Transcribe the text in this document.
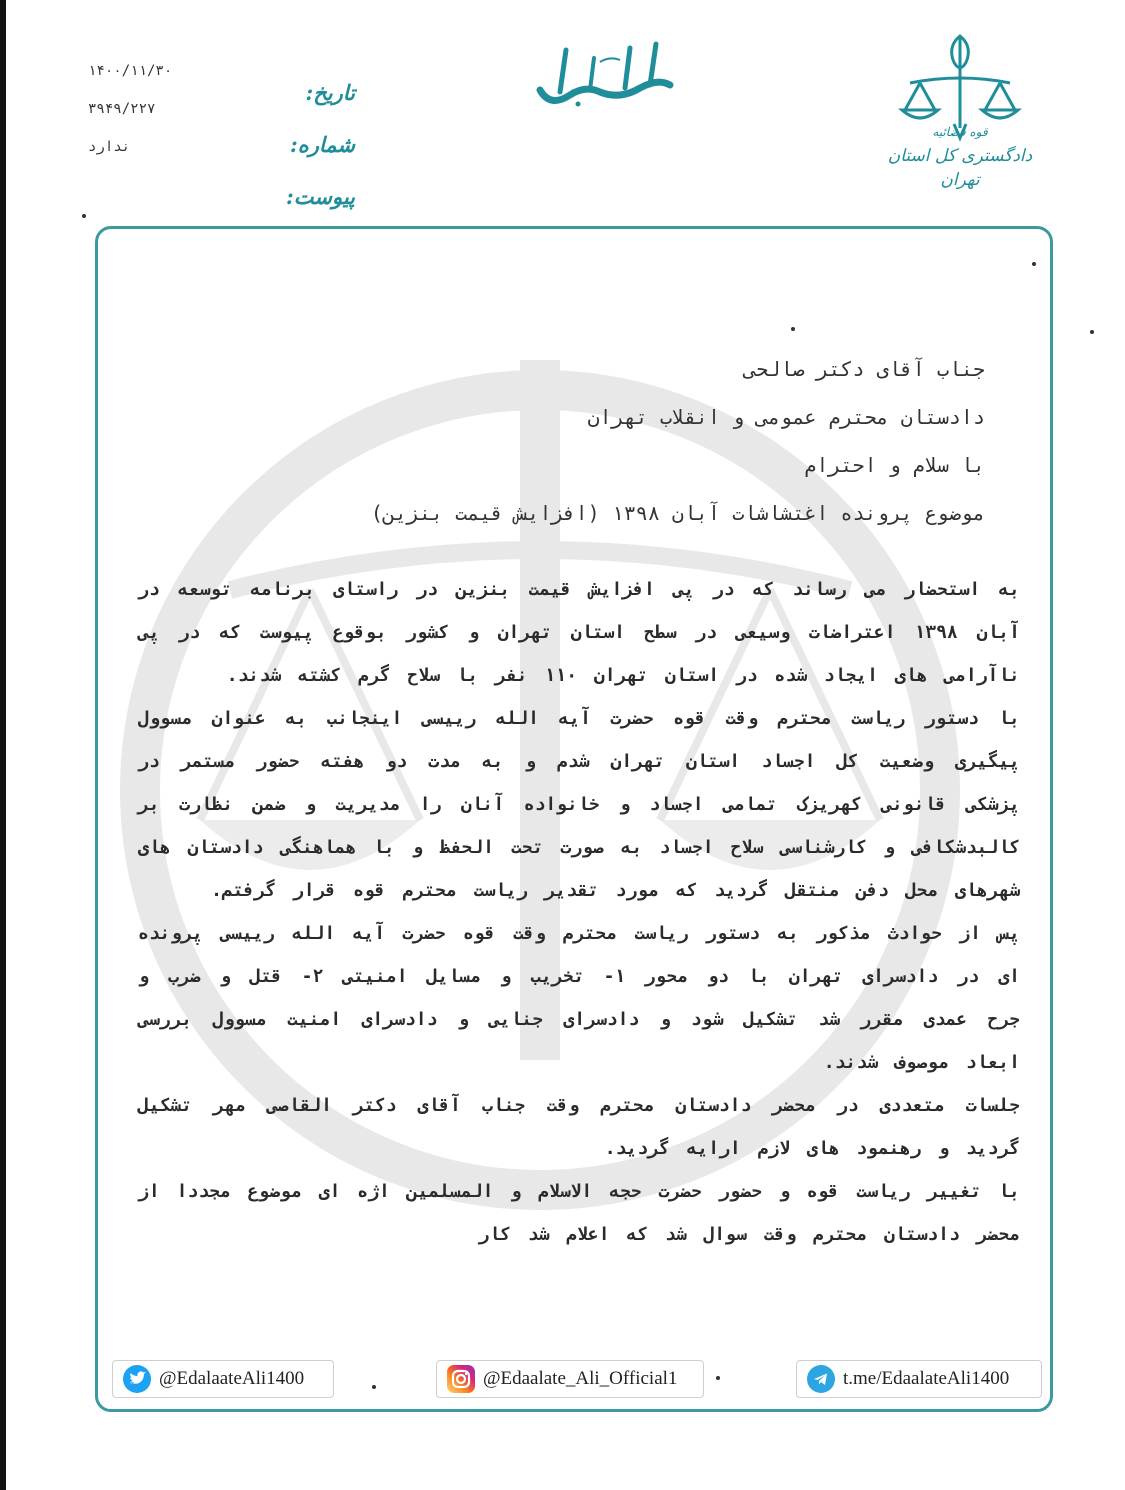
۱۴۰۰/۱۱/۳۰
۳۹۴۹/۲۲۷
ندارد
تاریخ:
شماره:
پیوست:
قوه قضائیه
دادگستری کل استان تهران
جناب آقای دکتر صالحی
دادستان محترم عمومی و انقلاب تهران
با سلام و احترام
موضوع پرونده اغتشاشات آبان ۱۳۹۸ (افزایش قیمت بنزین)

به استحضار می رساند که در پی افزایش قیمت بنزین در راستای برنامه توسعه در آبان ۱۳۹۸ اعتراضات وسیعی در سطح استان تهران و کشور بوقوع پیوست که در پی ناآرامی های ایجاد شده در استان تهران ۱۱۰ نفر با سلاح گرم کشته شدند.

با دستور ریاست محترم وقت قوه حضرت آیه الله رییسی اینجانب به عنوان مسوول پیگیری وضعیت کل اجساد استان تهران شدم و به مدت دو هفته حضور مستمر در پزشکی قانونی کهریزک تمامی اجساد و خانواده آنان را مدیریت و ضمن نظارت بر کالبدشکافی و کارشناسی سلاح اجساد به صورت تحت الحفظ و با هماهنگی دادستان های شهرهای محل دفن منتقل گردید که مورد تقدیر ریاست محترم قوه قرار گرفتم.

پس از حوادث مذکور به دستور ریاست محترم وقت قوه حضرت آیه الله رییسی پرونده ای در دادسرای تهران با دو محور ۱- تخریب و مسایل امنیتی ۲- قتل و ضرب و جرح عمدی مقرر شد تشکیل شود و دادسرای جنایی و دادسرای امنیت مسوول بررسی ابعاد موصوف شدند.

جلسات متعددی در محضر دادستان محترم وقت جناب آقای دکتر القاصی مهر تشکیل گردید و رهنمود های لازم ارایه گردید.

با تغییر ریاست قوه و حضور حضرت حجه الاسلام و المسلمین اژه ای موضوع مجددا از محضر دادستان محترم وقت سوال شد که اعلام شد کار

@EdalaateAli1400	@Edaalate_Ali_Official1	t.me/EdaalateAli1400
